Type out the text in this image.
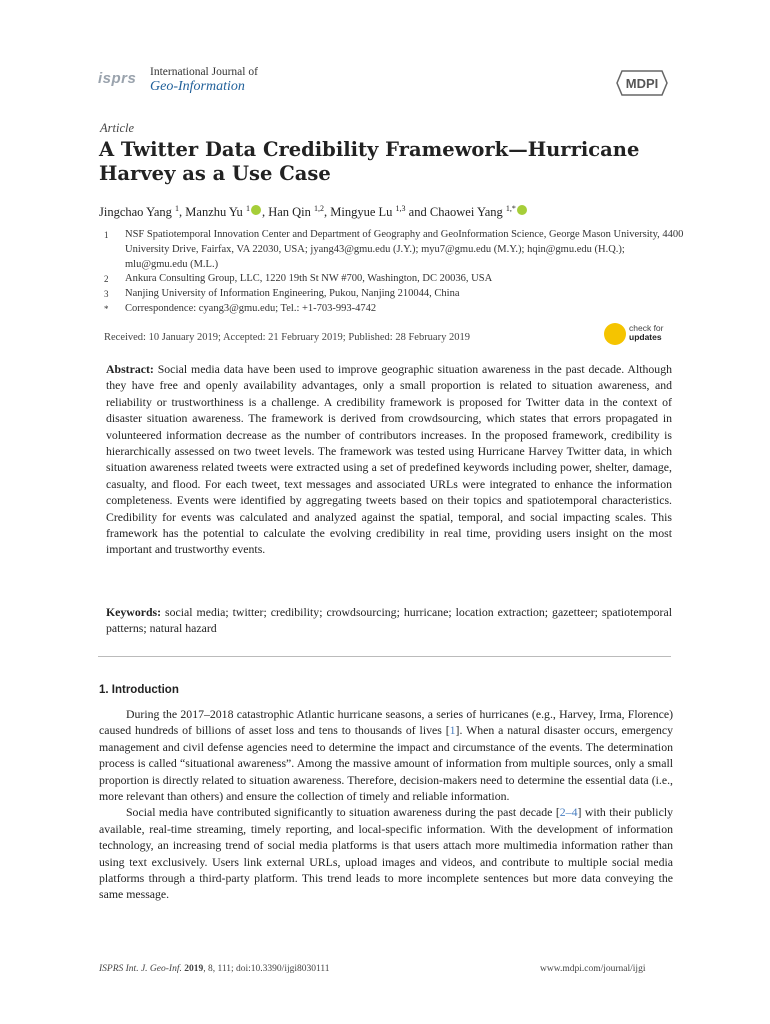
isprs International Journal of
Geo-Information	MDPI
Article
A Twitter Data Credibility Framework—Hurricane Harvey as a Use Case
Jingchao Yang $^1$, Manzhu Yu $^1$ , Han Qin $^{1,2}$, Mingyue Lu $^{1,3}$ and Chaowei Yang $^{1,*}$
1	NSF Spatiotemporal Innovation Center and Department of Geography and GeoInformation Science, George Mason University, 4400 University Drive, Fairfax, VA 22030, USA; jyang43@gmu.edu (J.Y.); myu7@gmu.edu (M.Y.); hqin@gmu.edu (H.Q.); mlu@gmu.edu (M.L.)
2	Ankura Consulting Group, LLC, 1220 19th St NW #700, Washington, DC 20036, USA
3	Nanjing University of Information Engineering, Pukou, Nanjing 210044, China
*	Correspondence: cyang3@gmu.edu; Tel.: +1-703-993-4742
Received: 10 January 2019; Accepted: 21 February 2019; Published: 28 February 2019
check for
updates
Abstract: Social media data have been used to improve geographic situation awareness in the past decade. Although they have free and openly availability advantages, only a small proportion is related to situation awareness, and reliability or trustworthiness is a challenge. A credibility framework is proposed for Twitter data in the context of disaster situation awareness. The framework is derived from crowdsourcing, which states that errors propagated in volunteered information decrease as the number of contributors increases. In the proposed framework, credibility is hierarchically assessed on two tweet levels. The framework was tested using Hurricane Harvey Twitter data, in which situation awareness related tweets were extracted using a set of predefined keywords including power, shelter, damage, casualty, and flood. For each tweet, text messages and associated URLs were integrated to enhance the information completeness. Events were identified by aggregating tweets based on their topics and spatiotemporal characteristics. Credibility for events was calculated and analyzed against the spatial, temporal, and social impacting scales. This framework has the potential to calculate the evolving credibility in real time, providing users insight on the most important and trustworthy events.
Keywords: social media; twitter; credibility; crowdsourcing; hurricane; location extraction; gazetteer; spatiotemporal patterns; natural hazard
1. Introduction

During the 2017–2018 catastrophic Atlantic hurricane seasons, a series of hurricanes (e.g., Harvey, Irma, Florence) caused hundreds of billions of asset loss and tens to thousands of lives [1]. When a natural disaster occurs, emergency management and civil defense agencies need to determine the impact and circumstance of the events. The determination process is called “situational awareness”. Among the massive amount of information from multiple sources, only a small proportion is directly related to situation awareness. Therefore, decision-makers need to determine the essential data (i.e., more relevant than others) and ensure the collection of timely and reliable information.

Social media have contributed significantly to situation awareness during the past decade [2–4] with their publicly available, real-time streaming, timely reporting, and local-specific information. With the development of information technology, an increasing trend of social media platforms is that users attach more multimedia information rather than using text exclusively. Users link external URLs, upload images and videos, and contribute to multiple social media platforms through a third-party platform. This trend leads to more incomplete sentences but more data conveying the same message.

ISPRS Int. J. Geo-Inf. 2019, 8, 111; doi:10.3390/ijgi8030111	www.mdpi.com/journal/ijgi
